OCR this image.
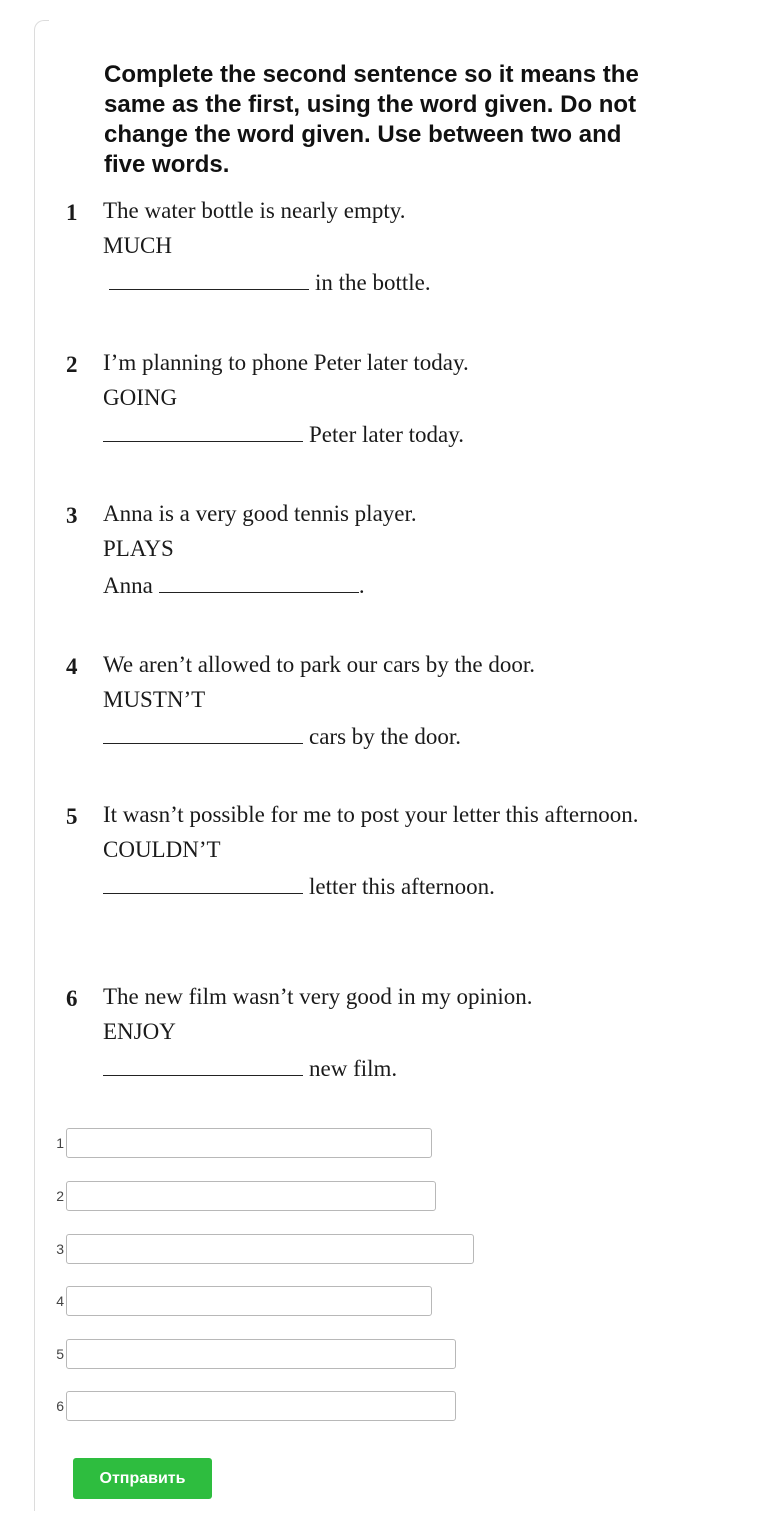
Complete the second sentence so it means the same as the first, using the word given. Do not change the word given. Use between two and five words.

1	The water bottle is nearly empty.
MUCH
in the bottle.
2	I’m planning to phone Peter later today.
GOING
Peter later today.
3	Anna is a very good tennis player.
PLAYS
Anna	.
4	We aren’t allowed to park our cars by the door.
MUSTN’T
cars by the door.
5	It wasn’t possible for me to post your letter this afternoon.
COULDN’T
letter this afternoon.
6	The new film wasn’t very good in my opinion.
ENJOY
new film.
1
2
3
4
5
6
Отправить
